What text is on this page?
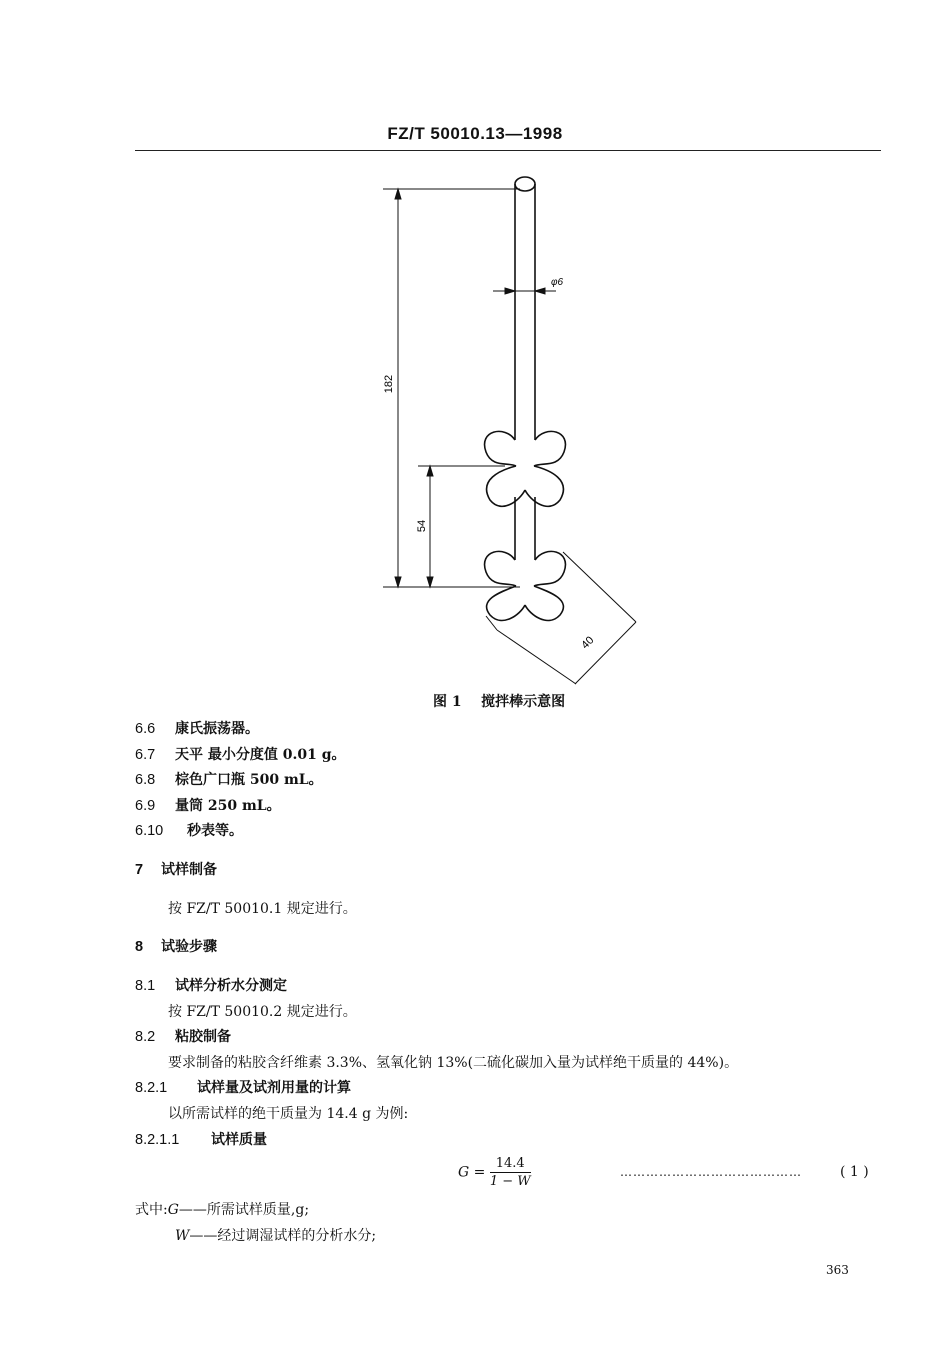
FZ/T 50010.13—1998
182
54
φ6
40
图 1 搅拌棒示意图
6.6 康氏振荡器。
6.7 天平 最小分度值 0.01 g。
6.8 棕色广口瓶 500 mL。
6.9 量筒 250 mL。
6.10 秒表等。
7 试样制备
按 FZ/T 50010.1 规定进行。
8 试验步骤
8.1 试样分析水分测定
按 FZ/T 50010.2 规定进行。
8.2 粘胶制备
要求制备的粘胶含纤维素 3.3%、氢氧化钠 13%(二硫化碳加入量为试样绝干质量的 44%)。
8.2.1 试样量及试剂用量的计算
以所需试样的绝干质量为 14.4 g 为例:
8.2.1.1 试样质量
$G = \frac{14.4}{1 - W}$	……………………………………	( 1 )
式中:G——所需试样质量,g;
W——经过调湿试样的分析水分;
363
